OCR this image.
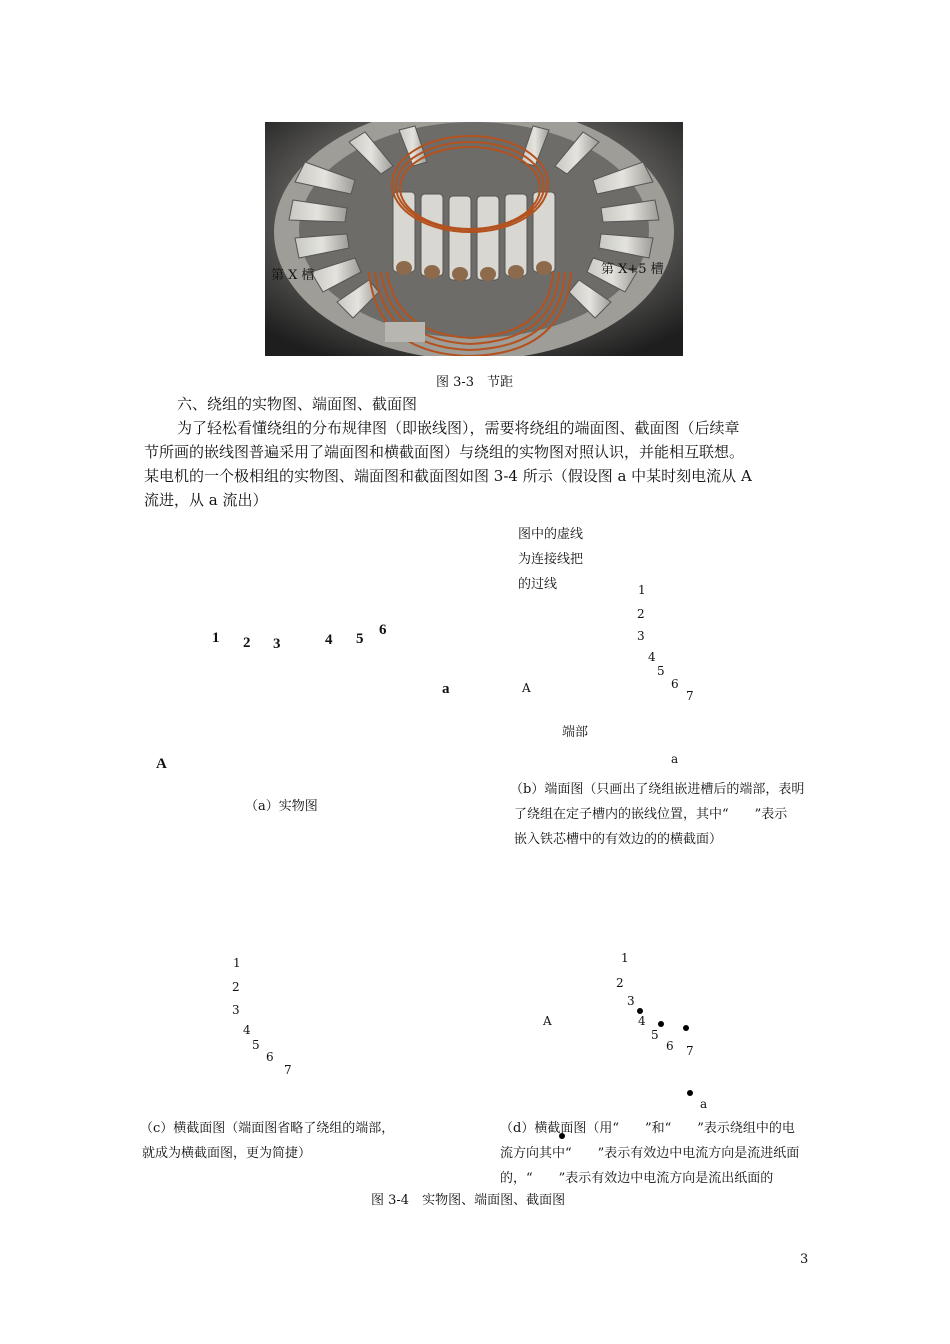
第 X 槽	第 X+5 槽
图 3-3　节距
六、绕组的实物图、端面图、截面图
为了轻松看懂绕组的分布规律图（即嵌线图），需要将绕组的端面图、截面图（后续章
节所画的嵌线图普遍采用了端面图和横截面图）与绕组的实物图对照认识，并能相互联想。
某电机的一个极相组的实物图、端面图和截面图如图 3-4 所示（假设图 a 中某时刻电流从 A
流进，从 a 流出）
1 2 3	4 5
6
a
A
（a）实物图
图中的虚线
为连接线把
的过线	1
2
3
4
5
6
7
A
端部
a
（b）端面图（只画出了绕组嵌进槽后的端部，表明
了绕组在定子槽内的嵌线位置，其中“　　”表示
嵌入铁芯槽中的有效边的的横截面）
1
2
3
4
5
6
7
（c）横截面图（端面图省略了绕组的端部，
就成为横截面图，更为简捷）
1
2
3
4
5
6 7
A
a
（d）横截面图（用“　　”和“　　”表示绕组中的电
流方向其中“　　”表示有效边中电流方向是流进纸面
的，“　　”表示有效边中电流方向是流出纸面的
图 3-4　实物图、端面图、截面图
3
